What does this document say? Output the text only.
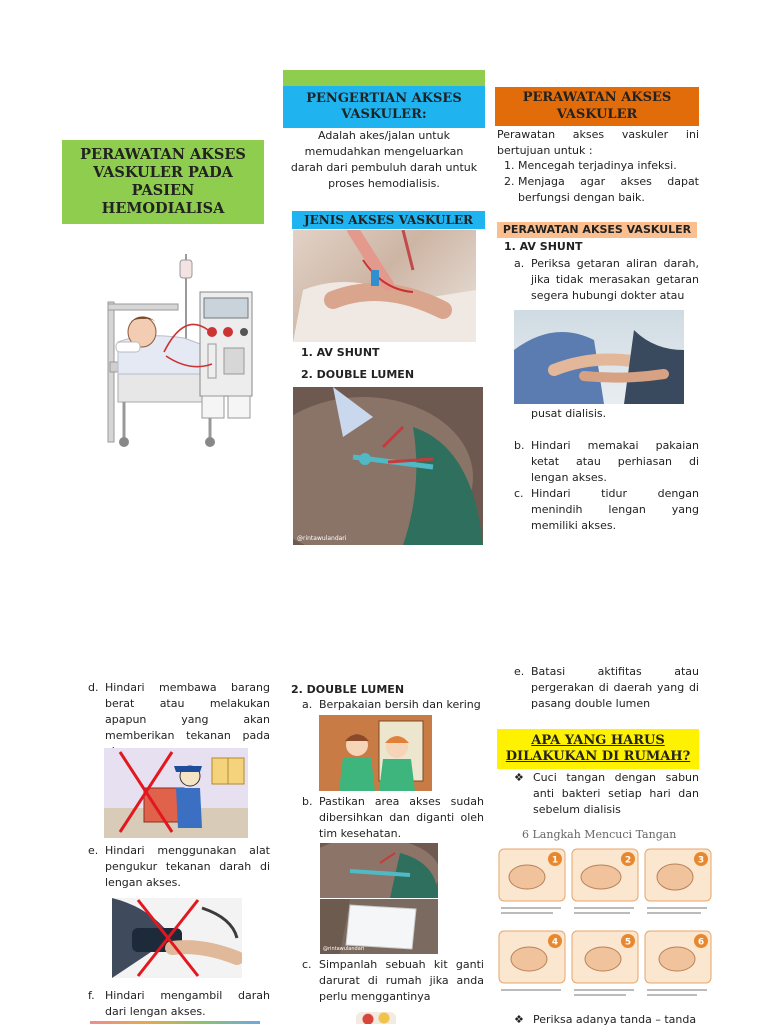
PERAWATAN AKSES VASKULER PADA PASIEN HEMODIALISA
PENGERTIAN AKSES VASKULER:
Adalah akes/jalan untuk memudahkan mengeluarkan darah dari pembuluh darah untuk proses hemodialisis.
JENIS AKSES VASKULER
1. AV SHUNT
2. DOUBLE LUMEN
@rintawulandari
PERAWATAN AKSES VASKULER
Perawatan akses vaskuler ini bertujuan untuk :
1. Mencegah terjadinya infeksi.
2. Menjaga agar akses dapat berfungsi dengan baik.
PERAWATAN AKSES VASKULER
1. AV SHUNT
a. Periksa getaran aliran darah, jika tidak merasakan getaran segera hubungi dokter atau
pusat dialisis.
b. Hindari memakai pakaian ketat atau perhiasan di lengan akses.
c. Hindari tidur dengan menindih lengan yang memiliki akses.
d. Hindari membawa barang berat atau melakukan apapun yang akan memberikan tekanan pada
e. Hindari menggunakan alat pengukur tekanan darah di lengan akses.
f. Hindari mengambil darah dari lengan akses.
2. DOUBLE LUMEN
a. Berpakaian bersih dan kering
b. Pastikan area akses sudah dibersihkan dan diganti oleh tim kesehatan.
@rintawulandari
c. Simpanlah sebuah kit ganti darurat di rumah jika anda perlu menggantinya
e. Batasi aktifitas atau pergerakan di daerah yang di pasang double lumen
APA YANG HARUS DILAKUKAN DI RUMAH?
❖ Cuci tangan dengan sabun anti bakteri setiap hari dan sebelum dialisis
6 Langkah Mencuci Tangan
1	2	3
4	5	6
❖ Periksa adanya tanda – tanda
